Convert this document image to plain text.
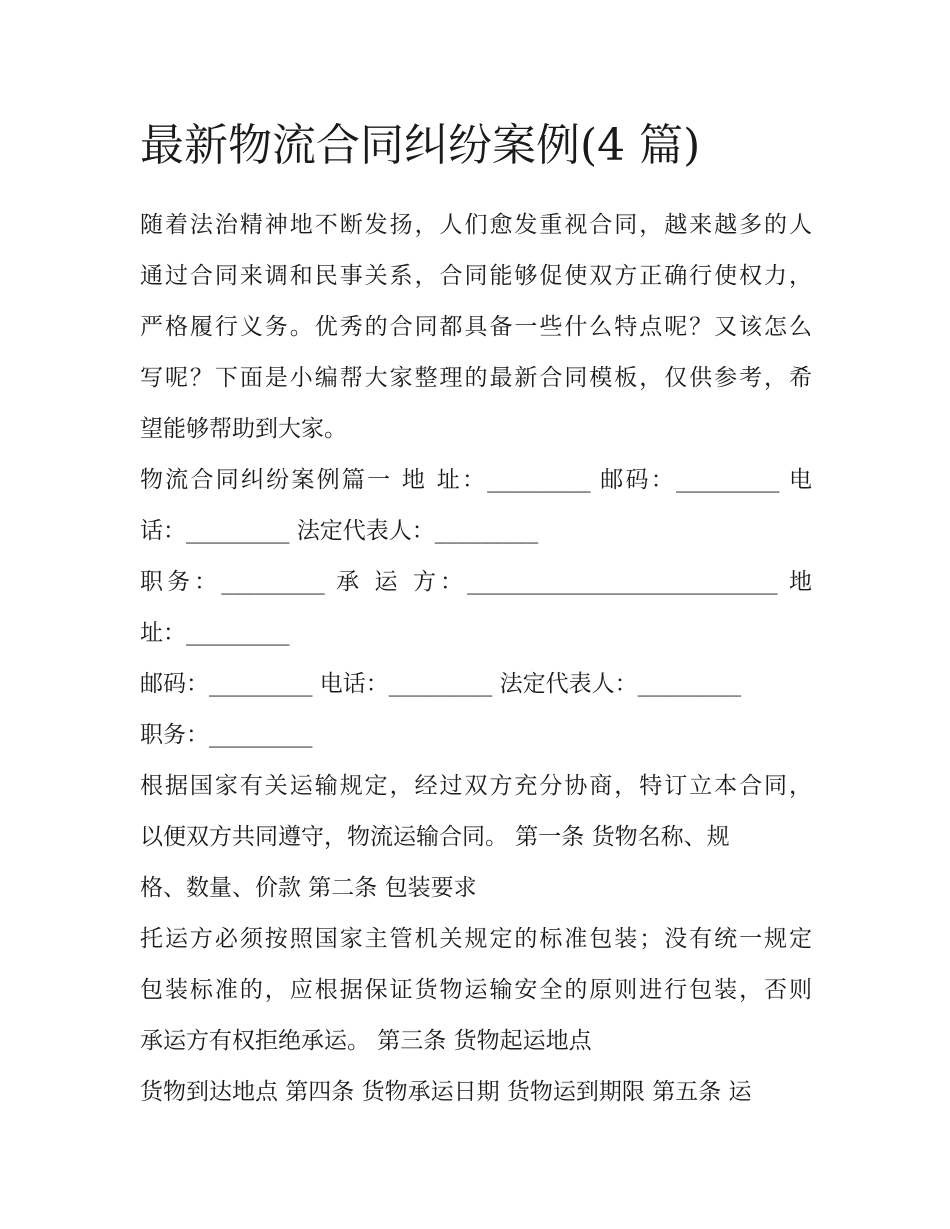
最新物流合同纠纷案例(4 篇)
随着法治精神地不断发扬，人们愈发重视合同，越来越多的人
通过合同来调和民事关系，合同能够促使双方正确行使权力，
严格履行义务。优秀的合同都具备一些什么特点呢？又该怎么
写呢？下面是小编帮大家整理的最新合同模板，仅供参考，希
望能够帮助到大家。
物流合同纠纷案例篇一 地 址：_________ 邮码：_________ 电
话：_________ 法定代表人：_________
职务：_________ 承 运 方：___________________________ 地
址：_________
邮码：_________ 电话：_________ 法定代表人：_________
职务：_________
根据国家有关运输规定，经过双方充分协商，特订立本合同，
以便双方共同遵守，物流运输合同。 第一条 货物名称、规
格、数量、价款 第二条 包装要求
托运方必须按照国家主管机关规定的标准包装；没有统一规定
包装标准的，应根据保证货物运输安全的原则进行包装，否则
承运方有权拒绝承运。 第三条 货物起运地点
货物到达地点 第四条 货物承运日期 货物运到期限 第五条 运
